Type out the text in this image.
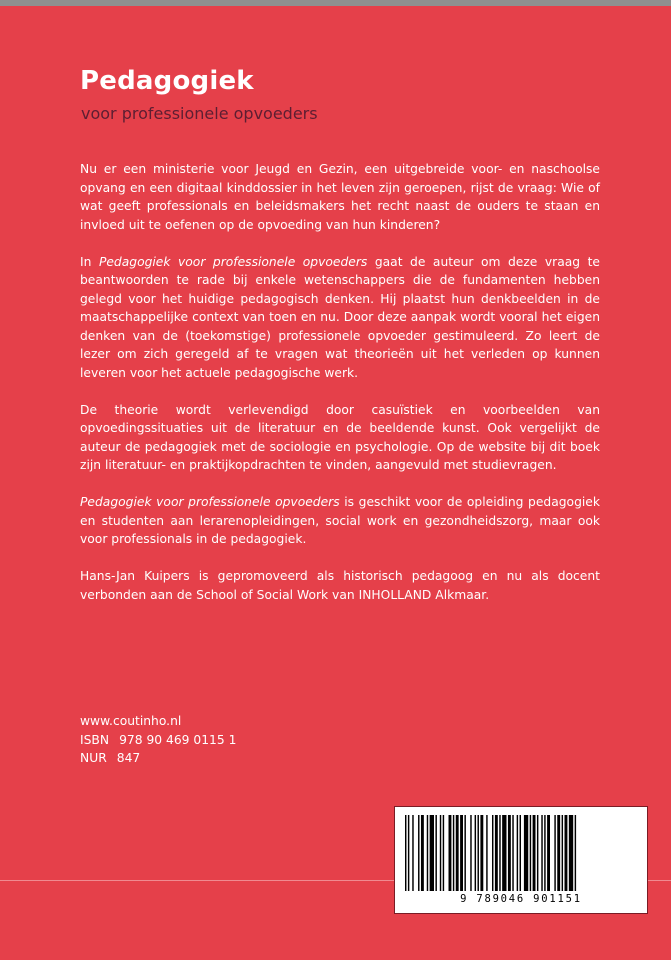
Pedagogiek
voor professionele opvoeders

Nu er een ministerie voor Jeugd en Gezin, een uitgebreide voor- en naschoolse opvang en een digitaal kinddossier in het leven zijn geroepen, rijst de vraag: Wie of wat geeft professionals en beleidsmakers het recht naast de ouders te staan en invloed uit te oefenen op de opvoeding van hun kinderen?

In Pedagogiek voor professionele opvoeders gaat de auteur om deze vraag te beantwoorden te rade bij enkele wetenschappers die de fundamenten hebben gelegd voor het huidige pedagogisch denken. Hij plaatst hun denkbeelden in de maatschappelijke context van toen en nu. Door deze aanpak wordt vooral het eigen denken van de (toekomstige) professionele opvoeder gestimuleerd. Zo leert de lezer om zich geregeld af te vragen wat theorieën uit het verleden op kunnen leveren voor het actuele pedagogische werk.

De theorie wordt verlevendigd door casuïstiek en voorbeelden van opvoedingssituaties uit de literatuur en de beeldende kunst. Ook vergelijkt de auteur de pedagogiek met de sociologie en psychologie. Op de website bij dit boek zijn literatuur- en praktijkopdrachten te vinden, aangevuld met studievragen.

Pedagogiek voor professionele opvoeders is geschikt voor de opleiding pedagogiek en studenten aan lerarenopleidingen, social work en gezondheidszorg, maar ook voor professionals in de pedagogiek.

Hans-Jan Kuipers is gepromoveerd als historisch pedagoog en nu als docent verbonden aan de School of Social Work van INHOLLAND Alkmaar.

www.coutinho.nl
ISBN 978 90 469 0115 1
NUR 847
9 789046 901151
